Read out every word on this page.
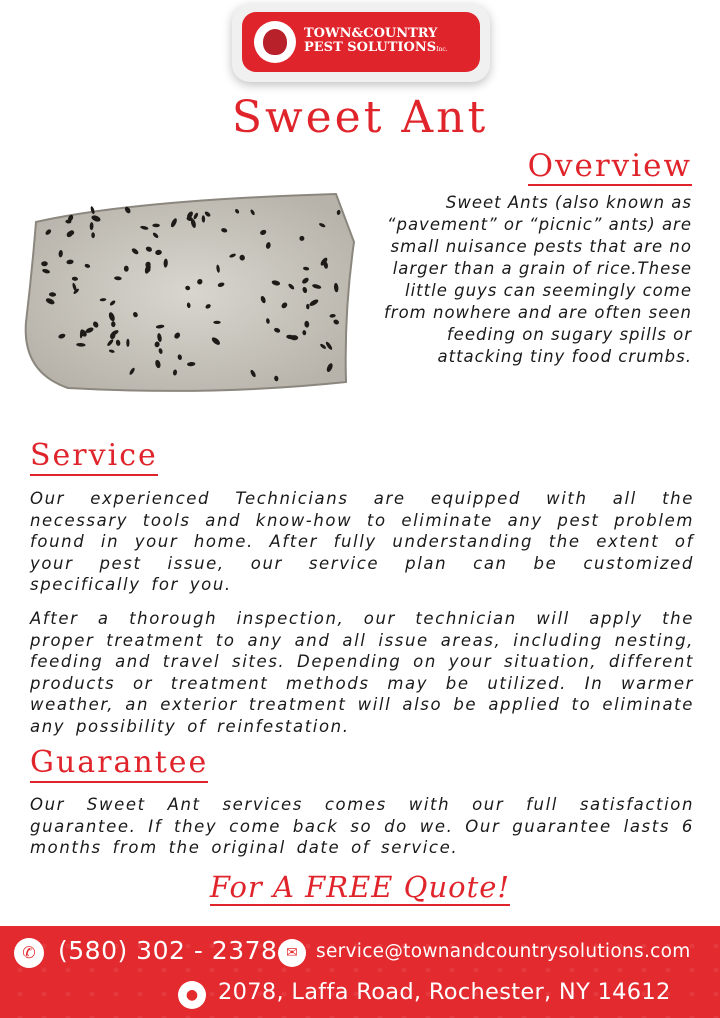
TOWN&COUNTRY
PEST SOLUTIONSInc.
Sweet Ant
Overview
Sweet Ants (also known as “pavement” or “picnic” ants) are small nuisance pests that are no larger than a grain of rice.These little guys can seemingly come from nowhere and are often seen feeding on sugary spills or attacking tiny food crumbs.
Service
Our experienced Technicians are equipped with all the necessary tools and know-how to eliminate any pest problem found in your home. After fully understanding the extent of your pest issue, our service plan can be customized specifically for you.
After a thorough inspection, our technician will apply the proper treatment to any and all issue areas, including nesting, feeding and travel sites. Depending on your situation, different products or treatment methods may be utilized. In warmer weather, an exterior treatment will also be applied to eliminate any possibility of reinfestation.
Guarantee
Our Sweet Ant services comes with our full satisfaction guarantee. If they come back so do we. Our guarantee lasts 6 months from the original date of service.
For A FREE Quote!
✆ (580) 302 - 2378 ✉ service@townandcountrysolutions.com
● 2078, Laffa Road, Rochester, NY 14612
